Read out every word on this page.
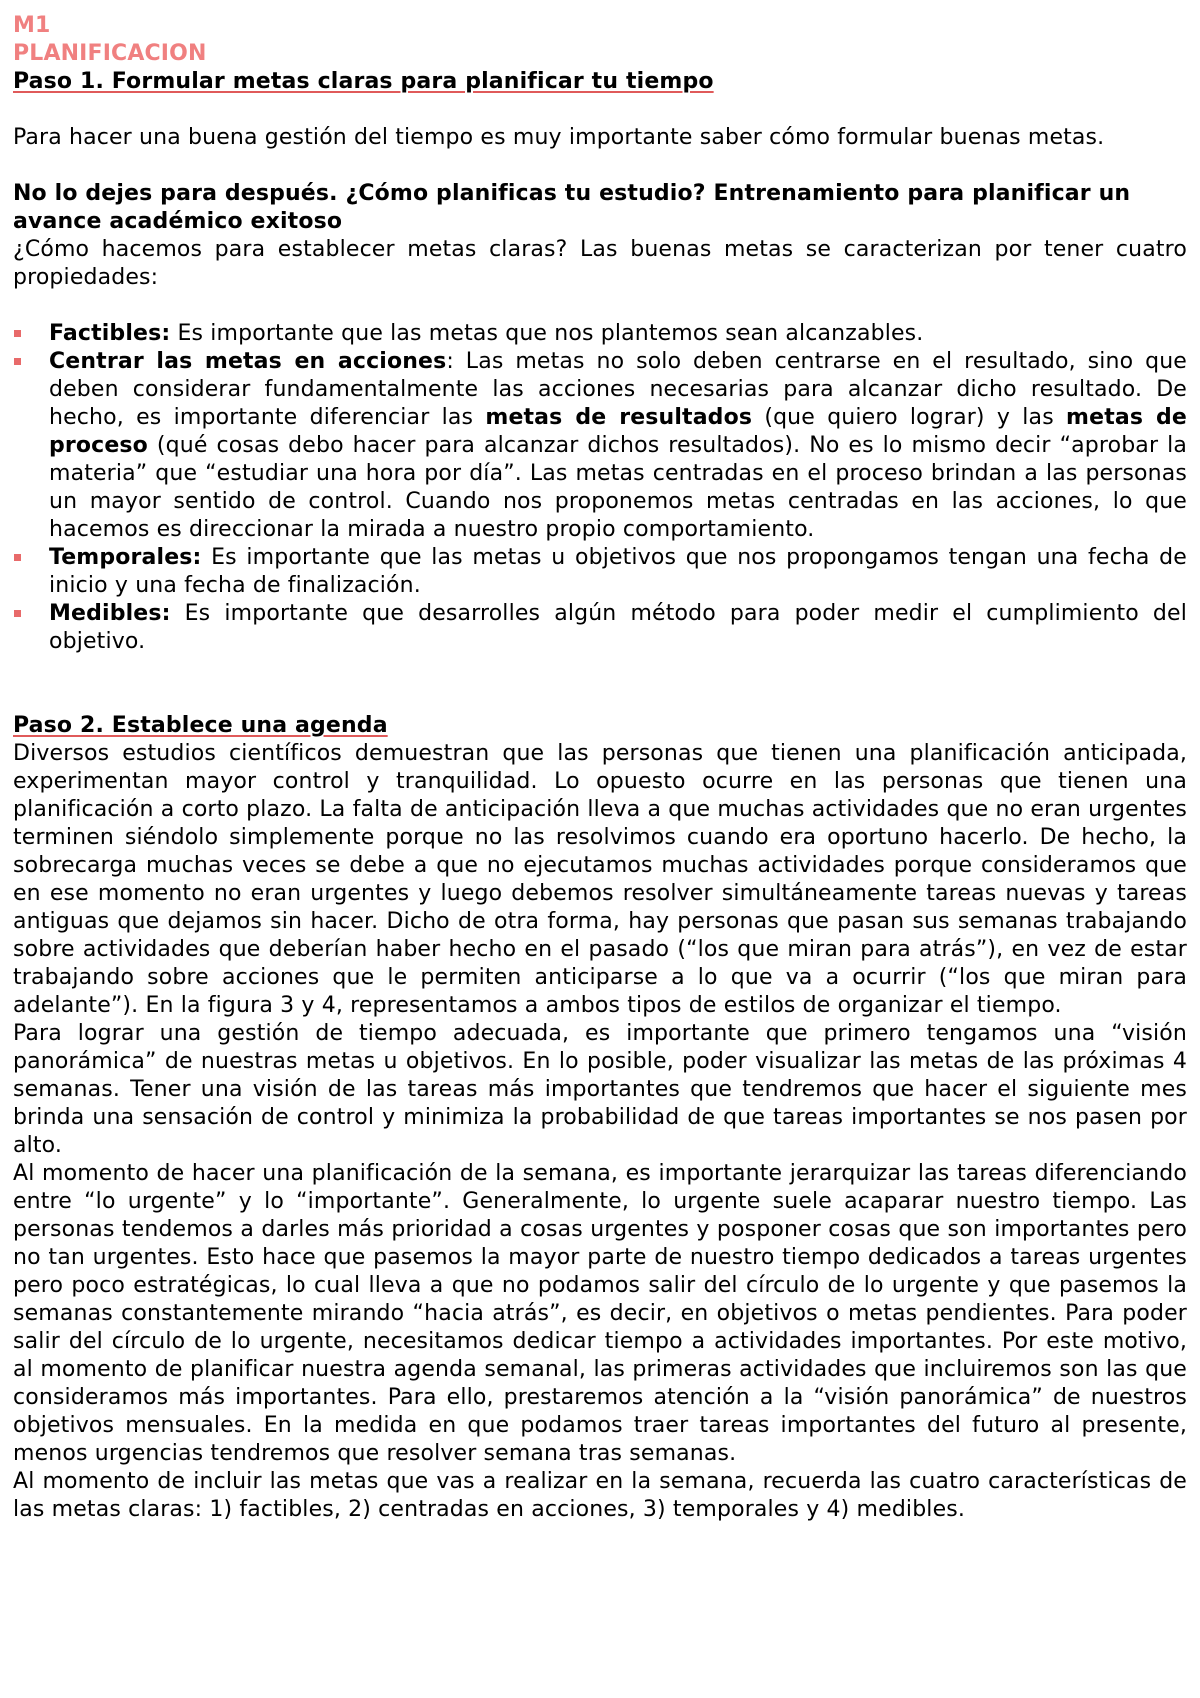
M1

PLANIFICACION

Paso 1. Formular metas claras para planificar tu tiempo

Para hacer una buena gestión del tiempo es muy importante saber cómo formular buenas metas.

No lo dejes para después. ¿Cómo planificas tu estudio? Entrenamiento para planificar un avance académico exitoso

¿Cómo hacemos para establecer metas claras? Las buenas metas se caracterizan por tener cuatro propiedades:

Factibles: Es importante que las metas que nos plantemos sean alcanzables.
Centrar las metas en acciones: Las metas no solo deben centrarse en el resultado, sino que deben considerar fundamentalmente las acciones necesarias para alcanzar dicho resultado. De hecho, es importante diferenciar las metas de resultados (que quiero lograr) y las metas de proceso (qué cosas debo hacer para alcanzar dichos resultados). No es lo mismo decir “aprobar la materia” que “estudiar una hora por día”. Las metas centradas en el proceso brindan a las personas un mayor sentido de control. Cuando nos proponemos metas centradas en las acciones, lo que hacemos es direccionar la mirada a nuestro propio comportamiento.
Temporales: Es importante que las metas u objetivos que nos propongamos tengan una fecha de inicio y una fecha de finalización.
Medibles: Es importante que desarrolles algún método para poder medir el cumplimiento del objetivo.

Paso 2. Establece una agenda

Diversos estudios científicos demuestran que las personas que tienen una planificación anticipada, experimentan mayor control y tranquilidad. Lo opuesto ocurre en las personas que tienen una planificación a corto plazo. La falta de anticipación lleva a que muchas actividades que no eran urgentes terminen siéndolo simplemente porque no las resolvimos cuando era oportuno hacerlo. De hecho, la sobrecarga muchas veces se debe a que no ejecutamos muchas actividades porque consideramos que en ese momento no eran urgentes y luego debemos resolver simultáneamente tareas nuevas y tareas antiguas que dejamos sin hacer. Dicho de otra forma, hay personas que pasan sus semanas trabajando sobre actividades que deberían haber hecho en el pasado (“los que miran para atrás”), en vez de estar trabajando sobre acciones que le permiten anticiparse a lo que va a ocurrir (“los que miran para adelante”). En la figura 3 y 4, representamos a ambos tipos de estilos de organizar el tiempo.

Para lograr una gestión de tiempo adecuada, es importante que primero tengamos una “visión panorámica” de nuestras metas u objetivos. En lo posible, poder visualizar las metas de las próximas 4 semanas. Tener una visión de las tareas más importantes que tendremos que hacer el siguiente mes brinda una sensación de control y minimiza la probabilidad de que tareas importantes se nos pasen por alto.

Al momento de hacer una planificación de la semana, es importante jerarquizar las tareas diferenciando entre “lo urgente” y lo “importante”. Generalmente, lo urgente suele acaparar nuestro tiempo. Las personas tendemos a darles más prioridad a cosas urgentes y posponer cosas que son importantes pero no tan urgentes. Esto hace que pasemos la mayor parte de nuestro tiempo dedicados a tareas urgentes pero poco estratégicas, lo cual lleva a que no podamos salir del círculo de lo urgente y que pasemos la semanas constantemente mirando “hacia atrás”, es decir, en objetivos o metas pendientes. Para poder salir del círculo de lo urgente, necesitamos dedicar tiempo a actividades importantes. Por este motivo, al momento de planificar nuestra agenda semanal, las primeras actividades que incluiremos son las que consideramos más importantes. Para ello, prestaremos atención a la “visión panorámica” de nuestros objetivos mensuales. En la medida en que podamos traer tareas importantes del futuro al presente, menos urgencias tendremos que resolver semana tras semanas.

Al momento de incluir las metas que vas a realizar en la semana, recuerda las cuatro características de las metas claras: 1) factibles, 2) centradas en acciones, 3) temporales y 4) medibles.
